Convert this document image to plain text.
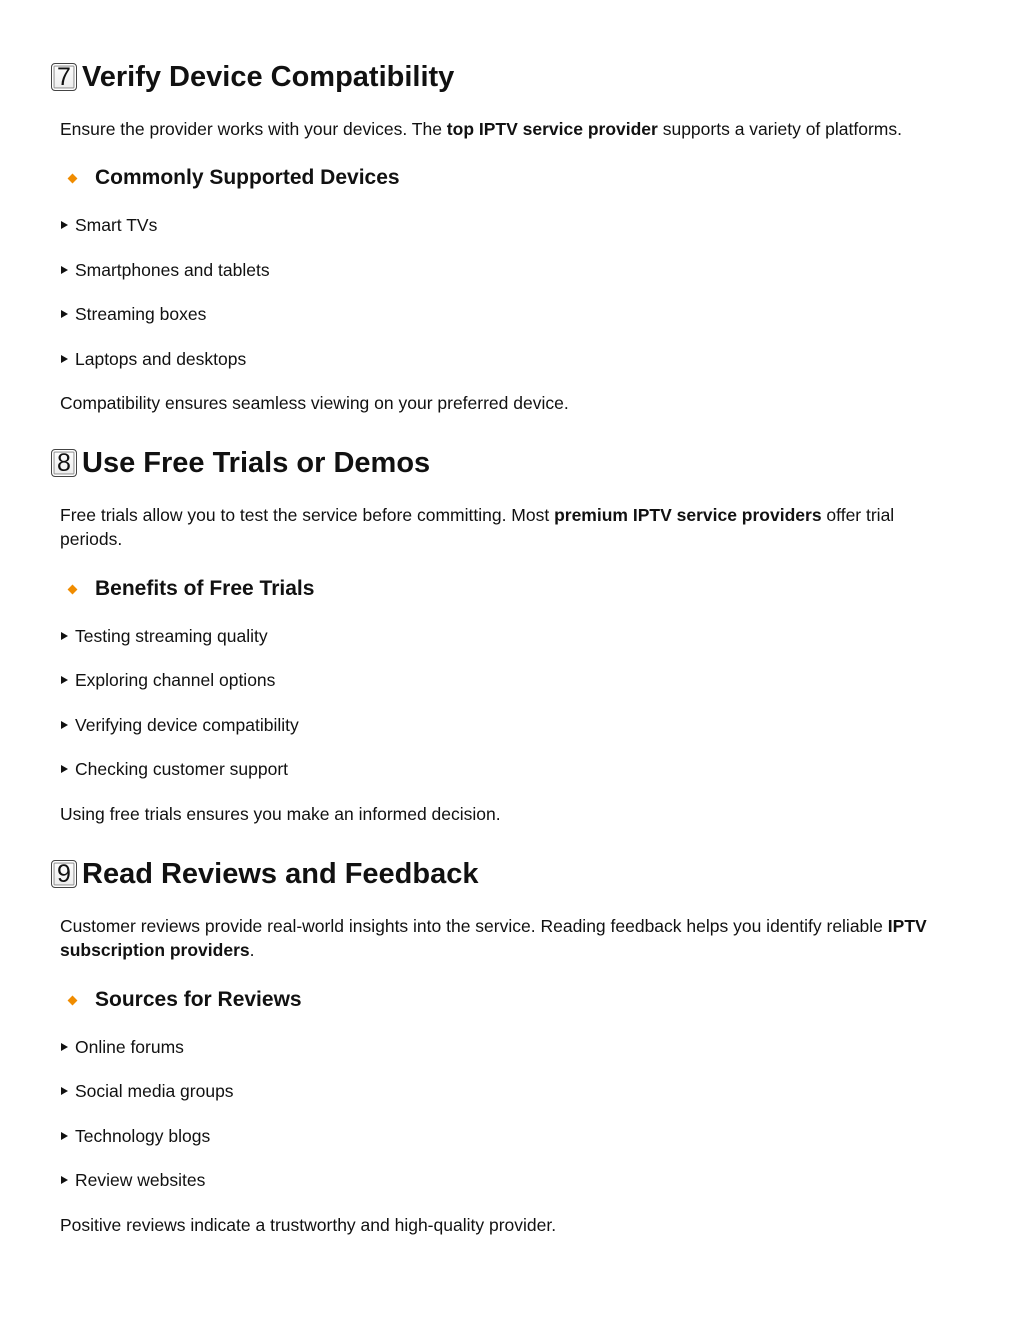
7 Verify Device Compatibility

Ensure the provider works with your devices. The top IPTV service provider supports a variety of platforms.

Commonly Supported Devices
Smart TVs
Smartphones and tablets
Streaming boxes
Laptops and desktops

Compatibility ensures seamless viewing on your preferred device.

8 Use Free Trials or Demos

Free trials allow you to test the service before committing. Most premium IPTV service providers offer trial periods.

Benefits of Free Trials
Testing streaming quality
Exploring channel options
Verifying device compatibility
Checking customer support

Using free trials ensures you make an informed decision.

9 Read Reviews and Feedback

Customer reviews provide real-world insights into the service. Reading feedback helps you identify reliable IPTV subscription providers.

Sources for Reviews
Online forums
Social media groups
Technology blogs
Review websites

Positive reviews indicate a trustworthy and high-quality provider.
